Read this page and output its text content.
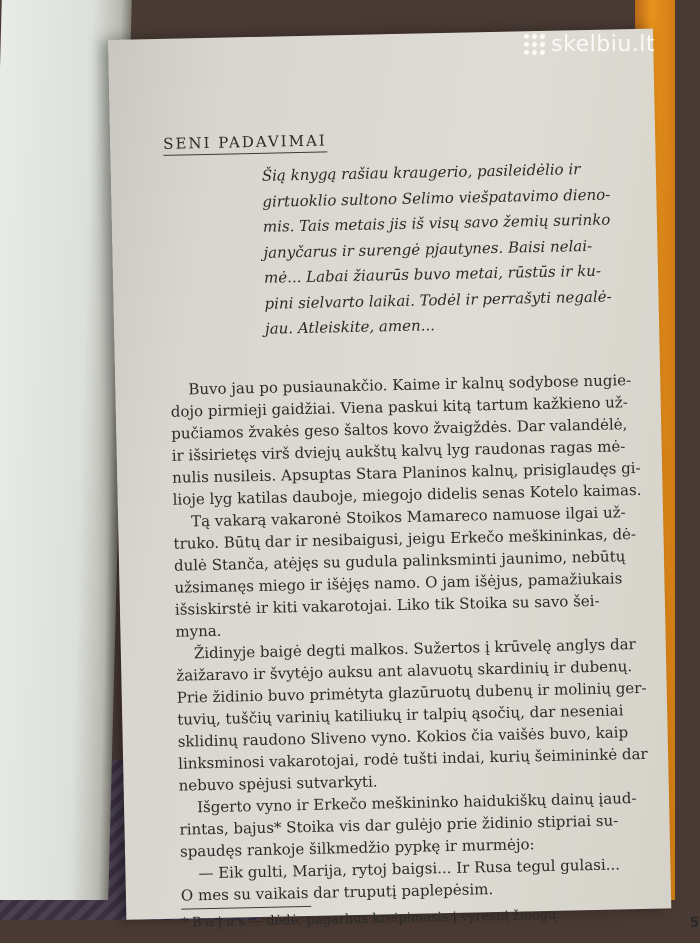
SENI PADAVIMAI
Šią knygą rašiau kraugerio, pasileidėlio ir
girtuoklio sultono Selimo viešpatavimo dieno-
mis. Tais metais jis iš visų savo žemių surinko
janyčarus ir surengė pjautynes. Baisi nelai-
mė... Labai žiaurūs buvo metai, rūstūs ir ku-
pini sielvarto laikai. Todėl ir perrašyti negalė-
jau. Atleiskite, amen...
Buvo jau po pusiaunakčio. Kaime ir kalnų sodybose nugie-
dojo pirmieji gaidžiai. Viena paskui kitą tartum kažkieno už-
pučiamos žvakės geso šaltos kovo žvaigždės. Dar valandėlė,
ir išsirietęs virš dviejų aukštų kalvų lyg raudonas ragas mė-
nulis nusileis. Apsuptas Stara Planinos kalnų, prisiglaudęs gi-
lioje lyg katilas dauboje, miegojo didelis senas Kotelo kaimas.
Tą vakarą vakaronė Stoikos Mamareco namuose ilgai už-
truko. Būtų dar ir nesibaigusi, jeigu Erkečo meškininkas, dė-
dulė Stanča, atėjęs su gudula palinksminti jaunimo, nebūtų
užsimanęs miego ir išėjęs namo. O jam išėjus, pamažiukais
išsiskirstė ir kiti vakarotojai. Liko tik Stoika su savo šei-
myna.
Židinyje baigė degti malkos. Sužertos į krūvelę anglys dar
žaižaravo ir švytėjo auksu ant alavuotų skardinių ir dubenų.
Prie židinio buvo primėtyta glazūruotų dubenų ir molinių ger-
tuvių, tuščių varinių katiliukų ir talpių ąsočių, dar neseniai
sklidinų raudono Sliveno vyno. Kokios čia vaišės buvo, kaip
linksminosi vakarotojai, rodė tušti indai, kurių šeimininkė dar
nebuvo spėjusi sutvarkyti.
Išgerto vyno ir Erkečo meškininko haidukiškų dainų įaud-
rintas, bajus* Stoika vis dar gulėjo prie židinio stipriai su-
spaudęs rankoje šilkmedžio pypkę ir murmėjo:
— Eik gulti, Marija, rytoj baigsi... Ir Rusa tegul gulasi...
O mes su vaikais dar truputį paplepėsim.
* B a j u s — dėdė, pagarbus kreipimasis į vyresnį žmogų.	5
skelbiu.lt
